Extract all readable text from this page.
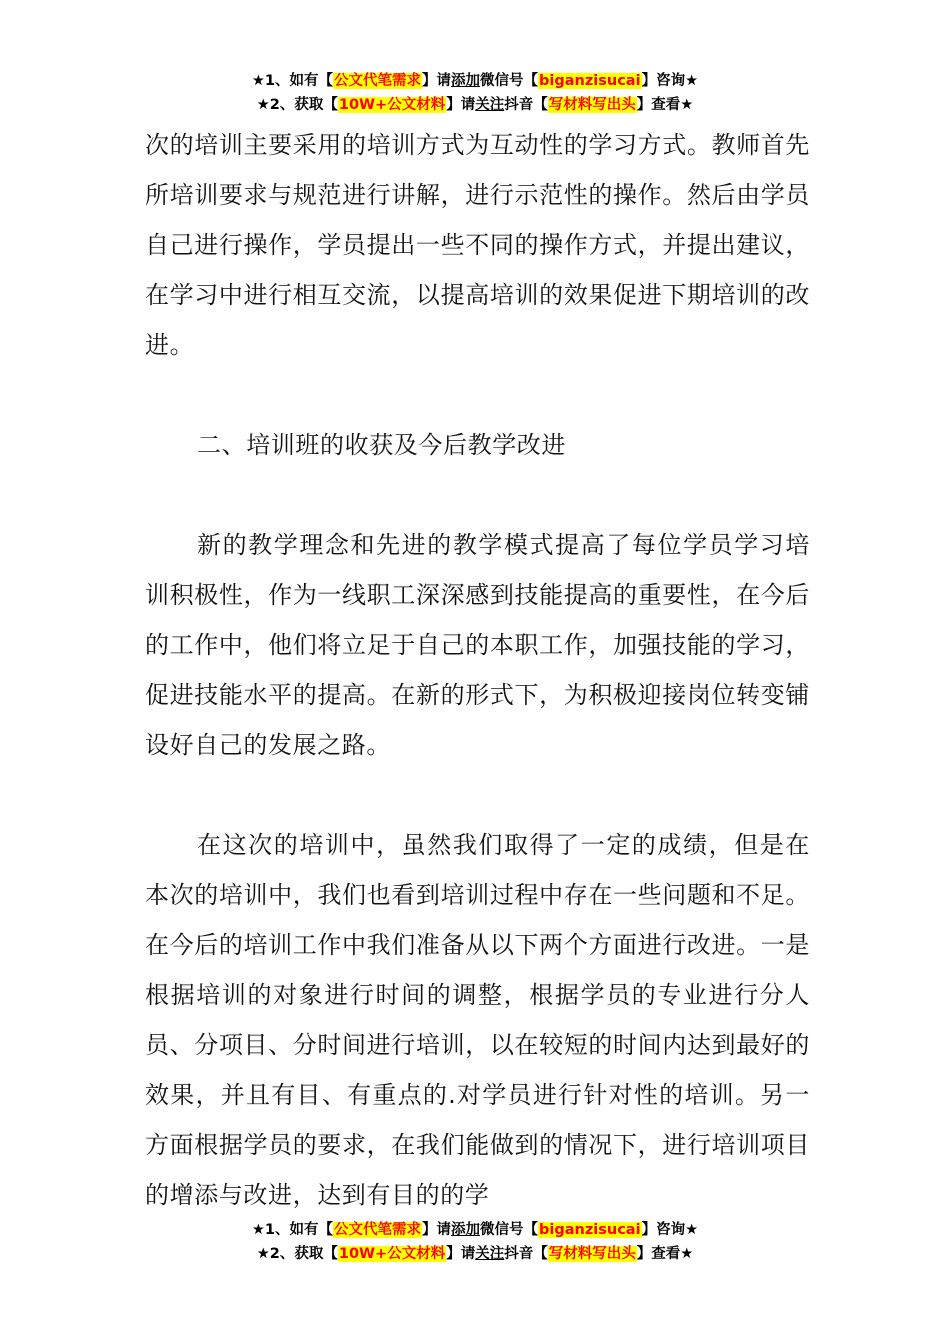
★1、如有【公文代笔需求】请添加微信号【biganzisucai】咨询★
★2、获取【10W+公文材料】请关注抖音【写材料写出头】查看★

次的培训主要采用的培训方式为互动性的学习方式。教师首先所培训要求与规范进行讲解，进行示范性的操作。然后由学员自己进行操作，学员提出一些不同的操作方式，并提出建议，在学习中进行相互交流，以提高培训的效果促进下期培训的改进。

二、培训班的收获及今后教学改进

新的教学理念和先进的教学模式提高了每位学员学习培训积极性，作为一线职工深深感到技能提高的重要性，在今后的工作中，他们将立足于自己的本职工作，加强技能的学习，促进技能水平的提高。在新的形式下，为积极迎接岗位转变铺设好自己的发展之路。

在这次的培训中，虽然我们取得了一定的成绩，但是在本次的培训中，我们也看到培训过程中存在一些问题和不足。在今后的培训工作中我们准备从以下两个方面进行改进。一是根据培训的对象进行时间的调整，根据学员的专业进行分人员、分项目、分时间进行培训，以在较短的时间内达到最好的效果，并且有目、有重点的.对学员进行针对性的培训。另一方面根据学员的要求，在我们能做到的情况下，进行培训项目的增添与改进，达到有目的的学

★1、如有【公文代笔需求】请添加微信号【biganzisucai】咨询★
★2、获取【10W+公文材料】请关注抖音【写材料写出头】查看★
